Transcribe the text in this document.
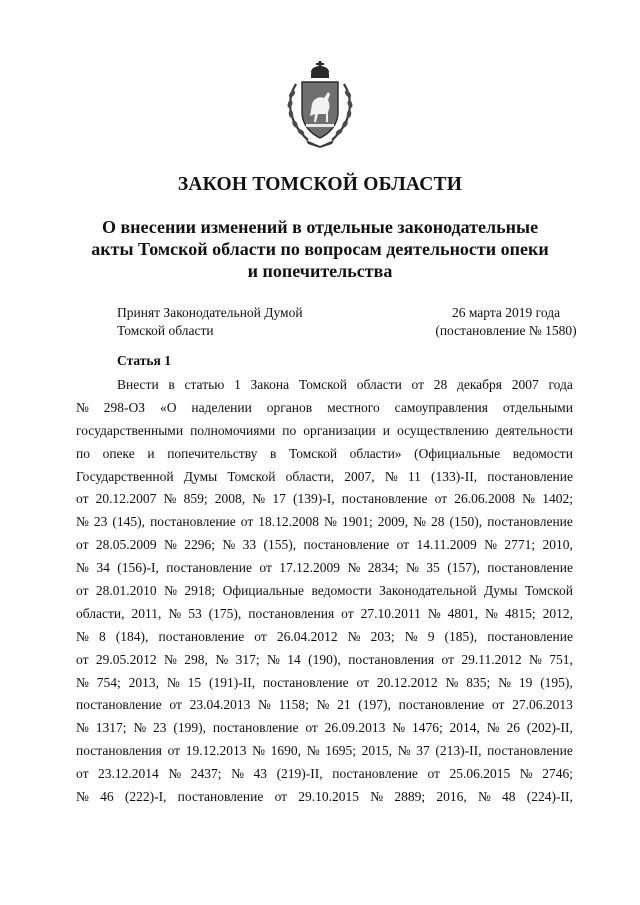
ЗАКОН ТОМСКОЙ ОБЛАСТИ
О внесении изменений в отдельные законодательные
акты Томской области по вопросам деятельности опеки
и попечительства
Принят Законодательной Думой
Томской области
26 марта 2019 года
(постановление № 1580)
Статья 1
Внести в статью 1 Закона Томской области от 28 декабря 2007 года
№ 298-ОЗ «О наделении органов местного самоуправления отдельными
государственными полномочиями по организации и осуществлению деятельности
по опеке и попечительству в Томской области» (Официальные ведомости
Государственной Думы Томской области, 2007, № 11 (133)-II, постановление
от 20.12.2007 № 859; 2008, № 17 (139)-I, постановление от 26.06.2008 № 1402;
№ 23 (145), постановление от 18.12.2008 № 1901; 2009, № 28 (150), постановление
от 28.05.2009 № 2296; № 33 (155), постановление от 14.11.2009 № 2771; 2010,
№ 34 (156)-I, постановление от 17.12.2009 № 2834; № 35 (157), постановление
от 28.01.2010 № 2918; Официальные ведомости Законодательной Думы Томской
области, 2011, № 53 (175), постановления от 27.10.2011 № 4801, № 4815; 2012,
№ 8 (184), постановление от 26.04.2012 № 203; № 9 (185), постановление
от 29.05.2012 № 298, № 317; № 14 (190), постановления от 29.11.2012 № 751,
№ 754; 2013, № 15 (191)-II, постановление от 20.12.2012 № 835; № 19 (195),
постановление от 23.04.2013 № 1158; № 21 (197), постановление от 27.06.2013
№ 1317; № 23 (199), постановление от 26.09.2013 № 1476; 2014, № 26 (202)-II,
постановления от 19.12.2013 № 1690, № 1695; 2015, № 37 (213)-II, постановление
от 23.12.2014 № 2437; № 43 (219)-II, постановление от 25.06.2015 № 2746;
№ 46 (222)-I, постановление от 29.10.2015 № 2889; 2016, № 48 (224)-II,
